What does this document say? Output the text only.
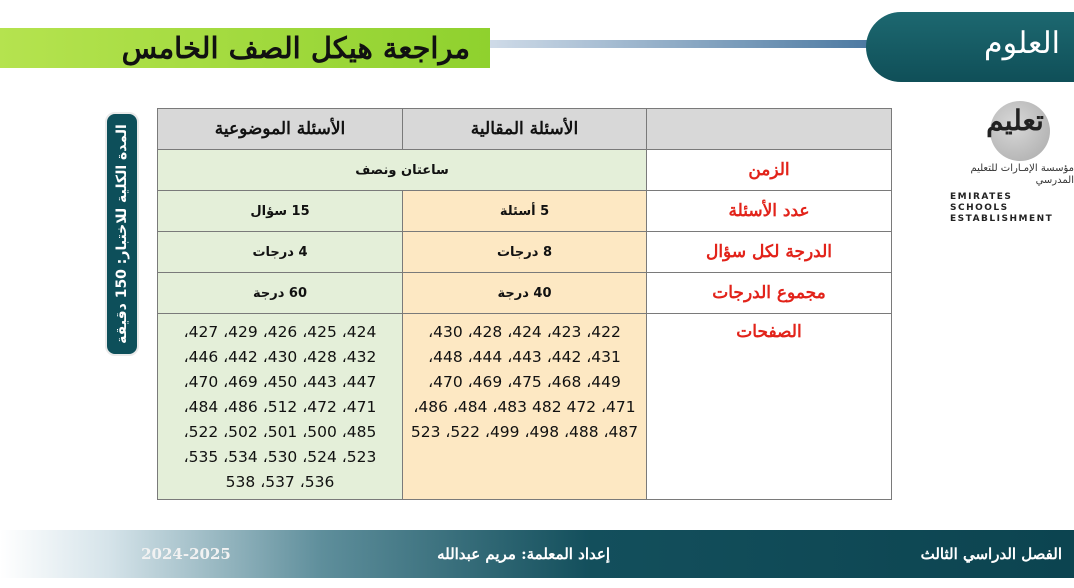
مراجعة هيكل الصف الخامس	العلوم
تعليم
مؤسسة الإمـارات للتعليم المدرسي
EMIRATES SCHOOLS
ESTABLISHMENT
المدة الكلية للاختبار: 150 دقيقة	الأسئلة الموضوعية	الأسئلة المقالية	
ساعتان ونصف		الزمن
15 سؤال	5 أسئلة	عدد الأسئلة
4 درجات	8 درجات	الدرجة لكل سؤال
60 درجة	40 درجة	مجموع الدرجات
424، 425، 426، 429، 427، 432، 428، 430، 442، 446، 447، 443، 450، 469، 470، 471، 472، 512، 486، 484، 485، 500، 501، 502، 522، 523، 524، 530، 534، 535، 536، 537، 538	422، 423، 424، 428، 430، 431، 442، 443، 444، 448، 449، 468، 475، 469، 470، 471، 472 482 483، 484، 486، 487، 488، 498، 499، 522، 523	الصفحات
2024-2025	إعداد المعلمة: مريم عبدالله	الفصل الدراسي الثالث
